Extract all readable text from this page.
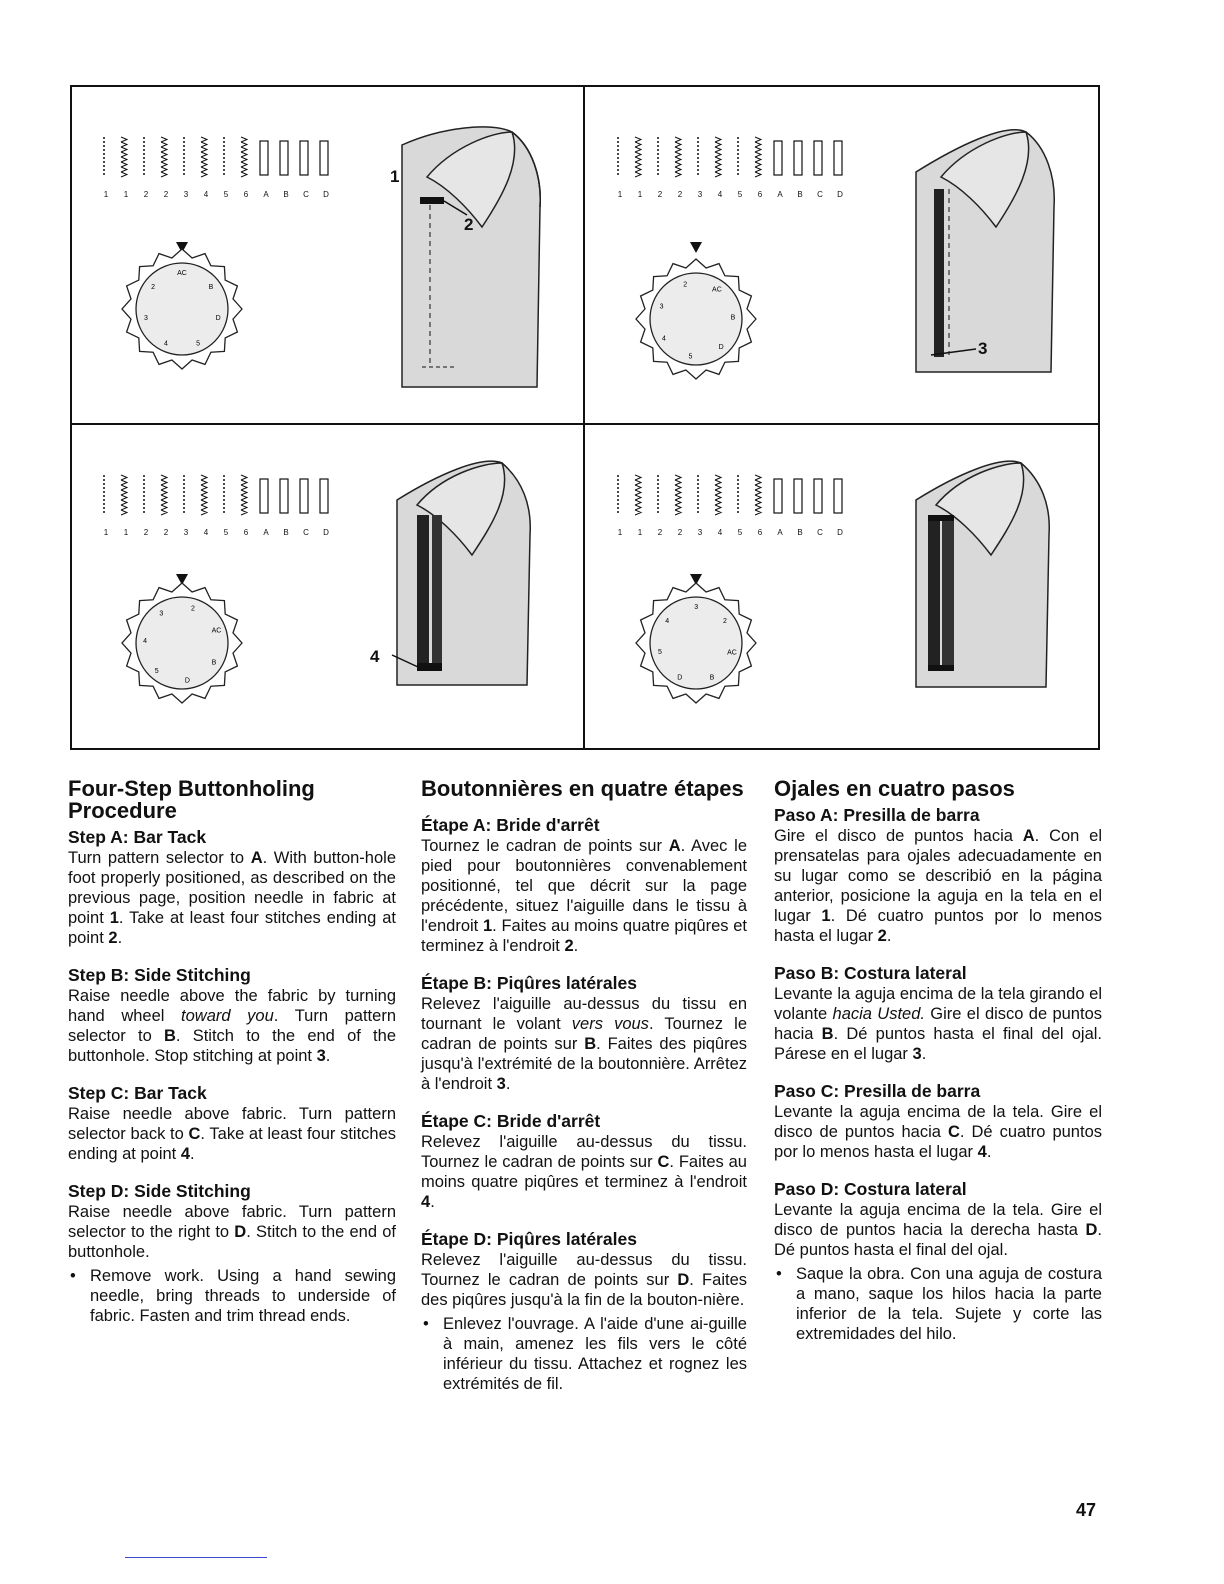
AC
B
D
5
4
3
2
1	1	2	2	3	4	5	6	A	B	C	D
1
2
AC
B
D
5
4
3
2
1	1	2	2	3	4	5	6	A	B	C	D
3
AC
B
D
5
4
3
2
1	1	2	2	3	4	5	6	A	B	C	D
4	AC
B
D
5
4
3
2
1	1	2	2	3	4	5	6	A	B	C	D
Four-Step Buttonholing Procedure
Step A: Bar Tack

Turn pattern selector to A. With button-hole foot properly positioned, as described on the previous page, position needle in fabric at point 1. Take at least four stitches ending at point 2.

Step B: Side Stitching

Raise needle above the fabric by turning hand wheel toward you. Turn pattern selector to B. Stitch to the end of the buttonhole. Stop stitching at point 3.

Step C: Bar Tack

Raise needle above fabric. Turn pattern selector back to C. Take at least four stitches ending at point 4.

Step D: Side Stitching

Raise needle above fabric. Turn pattern selector to the right to D. Stitch to the end of buttonhole.

• Remove work. Using a hand sewing needle, bring threads to underside of fabric. Fasten and trim thread ends.
Boutonnières en quatre étapes
Étape A: Bride d'arrêt

Tournez le cadran de points sur A. Avec le pied pour boutonnières convenablement positionné, tel que décrit sur la page précédente, situez l'aiguille dans le tissu à l'endroit 1. Faites au moins quatre piqûres et terminez à l'endroit 2.

Étape B: Piqûres latérales

Relevez l'aiguille au-dessus du tissu en tournant le volant vers vous. Tournez le cadran de points sur B. Faites des piqûres jusqu'à l'extrémité de la boutonnière. Arrêtez à l'endroit 3.

Étape C: Bride d'arrêt

Relevez l'aiguille au-dessus du tissu. Tournez le cadran de points sur C. Faites au moins quatre piqûres et terminez à l'endroit 4.

Étape D: Piqûres latérales

Relevez l'aiguille au-dessus du tissu. Tournez le cadran de points sur D. Faites des piqûres jusqu'à la fin de la bouton-nière.

• Enlevez l'ouvrage. A l'aide d'une ai-guille à main, amenez les fils vers le côté inférieur du tissu. Attachez et rognez les extrémités de fil.
Ojales en cuatro pasos
Paso A: Presilla de barra

Gire el disco de puntos hacia A. Con el prensatelas para ojales adecuadamente en su lugar como se describió en la página anterior, posicione la aguja en la tela en el lugar 1. Dé cuatro puntos por lo menos hasta el lugar 2.

Paso B: Costura lateral

Levante la aguja encima de la tela girando el volante hacia Usted. Gire el disco de puntos hacia B. Dé puntos hasta el final del ojal. Párese en el lugar 3.

Paso C: Presilla de barra

Levante la aguja encima de la tela. Gire el disco de puntos hacia C. Dé cuatro puntos por lo menos hasta el lugar 4.

Paso D: Costura lateral

Levante la aguja encima de la tela. Gire el disco de puntos hacia la derecha hasta D. Dé puntos hasta el final del ojal.

• Saque la obra. Con una aguja de costura a mano, saque los hilos hacia la parte inferior de la tela. Sujete y corte las extremidades del hilo.
47
